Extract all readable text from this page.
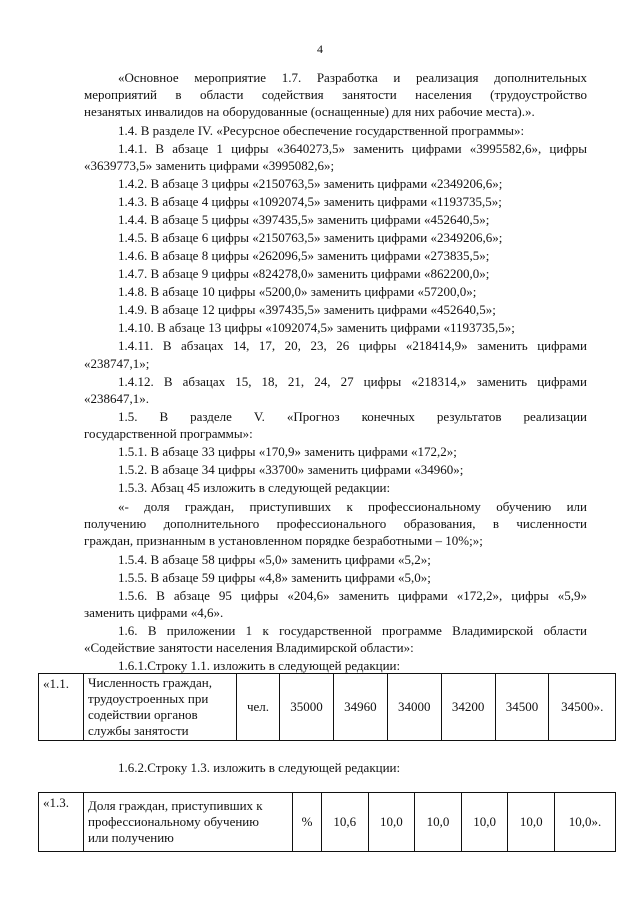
4
«Основное мероприятие 1.7. Разработка и реализация дополнительных
мероприятий в области содействия занятости населения (трудоустройство
незанятых инвалидов на оборудованные (оснащенные) для них рабочие места).».
1.4. В разделе IV. «Ресурсное обеспечение государственной программы»:
1.4.1. В абзаце 1 цифры «3640273,5» заменить цифрами «3995582,6», цифры
«3639773,5» заменить цифрами «3995082,6»;
1.4.2. В абзаце 3 цифры «2150763,5» заменить цифрами «2349206,6»;
1.4.3. В абзаце 4 цифры «1092074,5» заменить цифрами «1193735,5»;
1.4.4. В абзаце 5 цифры «397435,5» заменить цифрами «452640,5»;
1.4.5. В абзаце 6 цифры «2150763,5» заменить цифрами «2349206,6»;
1.4.6. В абзаце 8 цифры «262096,5» заменить цифрами «273835,5»;
1.4.7. В абзаце 9 цифры «824278,0» заменить цифрами «862200,0»;
1.4.8. В абзаце 10 цифры «5200,0» заменить цифрами «57200,0»;
1.4.9. В абзаце 12 цифры «397435,5» заменить цифрами «452640,5»;
1.4.10. В абзаце 13 цифры «1092074,5» заменить цифрами «1193735,5»;
1.4.11. В абзацах 14, 17, 20, 23, 26 цифры «218414,9» заменить цифрами
«238747,1»;
1.4.12. В абзацах 15, 18, 21, 24, 27 цифры «218314,» заменить цифрами
«238647,1».
1.5. В разделе V. «Прогноз конечных результатов реализации
государственной программы»:
1.5.1. В абзаце 33 цифры «170,9» заменить цифрами «172,2»;
1.5.2. В абзаце 34 цифры «33700» заменить цифрами «34960»;
1.5.3. Абзац 45 изложить в следующей редакции:
«- доля граждан, приступивших к профессиональному обучению или
получению дополнительного профессионального образования, в численности
граждан, признанным в установленном порядке безработными – 10%;»;
1.5.4. В абзаце 58 цифры «5,0» заменить цифрами «5,2»;
1.5.5. В абзаце 59 цифры «4,8» заменить цифрами «5,0»;
1.5.6. В абзаце 95 цифры «204,6» заменить цифрами «172,2», цифры «5,9»
заменить цифрами «4,6».
1.6. В приложении 1 к государственной программе Владимирской области
«Содействие занятости населения Владимирской области»:
1.6.1.Строку 1.1. изложить в следующей редакции:
«1.1.	Численность граждан,
трудоустроенных при
содействии органов
службы занятости
	чел.	35000	34960	34000	34200	34500	34500».
1.6.2.Строку 1.3. изложить в следующей редакции:
«1.3.	Доля граждан, приступивших к
профессиональному обучению
или получению
	%	10,6	10,0	10,0	10,0	10,0	10,0».
